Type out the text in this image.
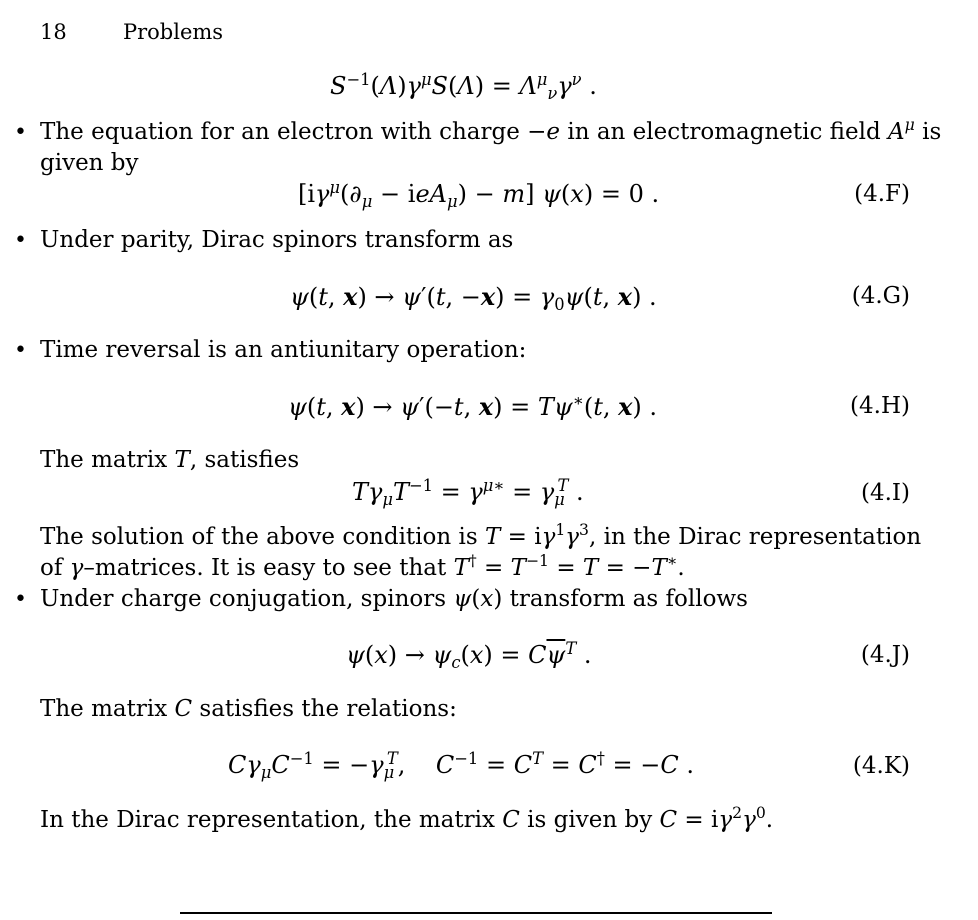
18	Problems
$S^{-1}(\Lambda)\gamma^\mu S(\Lambda) = \Lambda^\mu_\nu\gamma^\nu$ .
• The equation for an electron with charge −e in an electromagnetic field $A^\mu$ is
given by
$[i\gamma^\mu(\partial_\mu - ieA_\mu) - m] \psi(x) = 0$ .	(4.F)
• Under parity, Dirac spinors transform as
ψ(t, x) → ψ′(t, $-x) = \gamma_0\psi(t$, x) .	(4.G)
• Time reversal is an antiunitary operation:
ψ(t, x) → ψ′(−t, x) = Tψ∗(t, x) .	(4.H)
The matrix T, satisfies
$T\gamma_\mu T^{-1} = \gamma^{\mu∗} = \gamma_\mu^T$ .	(4.I)
The solution of the above condition is $T = i\gamma^1\gamma^3$, in the Dirac representation
of γ–matrices. It is easy to see that $T^\dagger = T^{-1} = T = -T^∗$.
• Under charge conjugation, spinors ψ(x) transform as follows
$\psi(x) \to \psi_c(x) = C\overline{\psi}^T$ .	(4.J)
The matrix C satisfies the relations:
$C\gamma_\mu C^{-1} = -\gamma_\mu^T$,    $C^{-1} = C^T = C^\dagger = -C$ .	(4.K)
In the Dirac representation, the matrix C is given by $C = i\gamma^2\gamma^0$.
